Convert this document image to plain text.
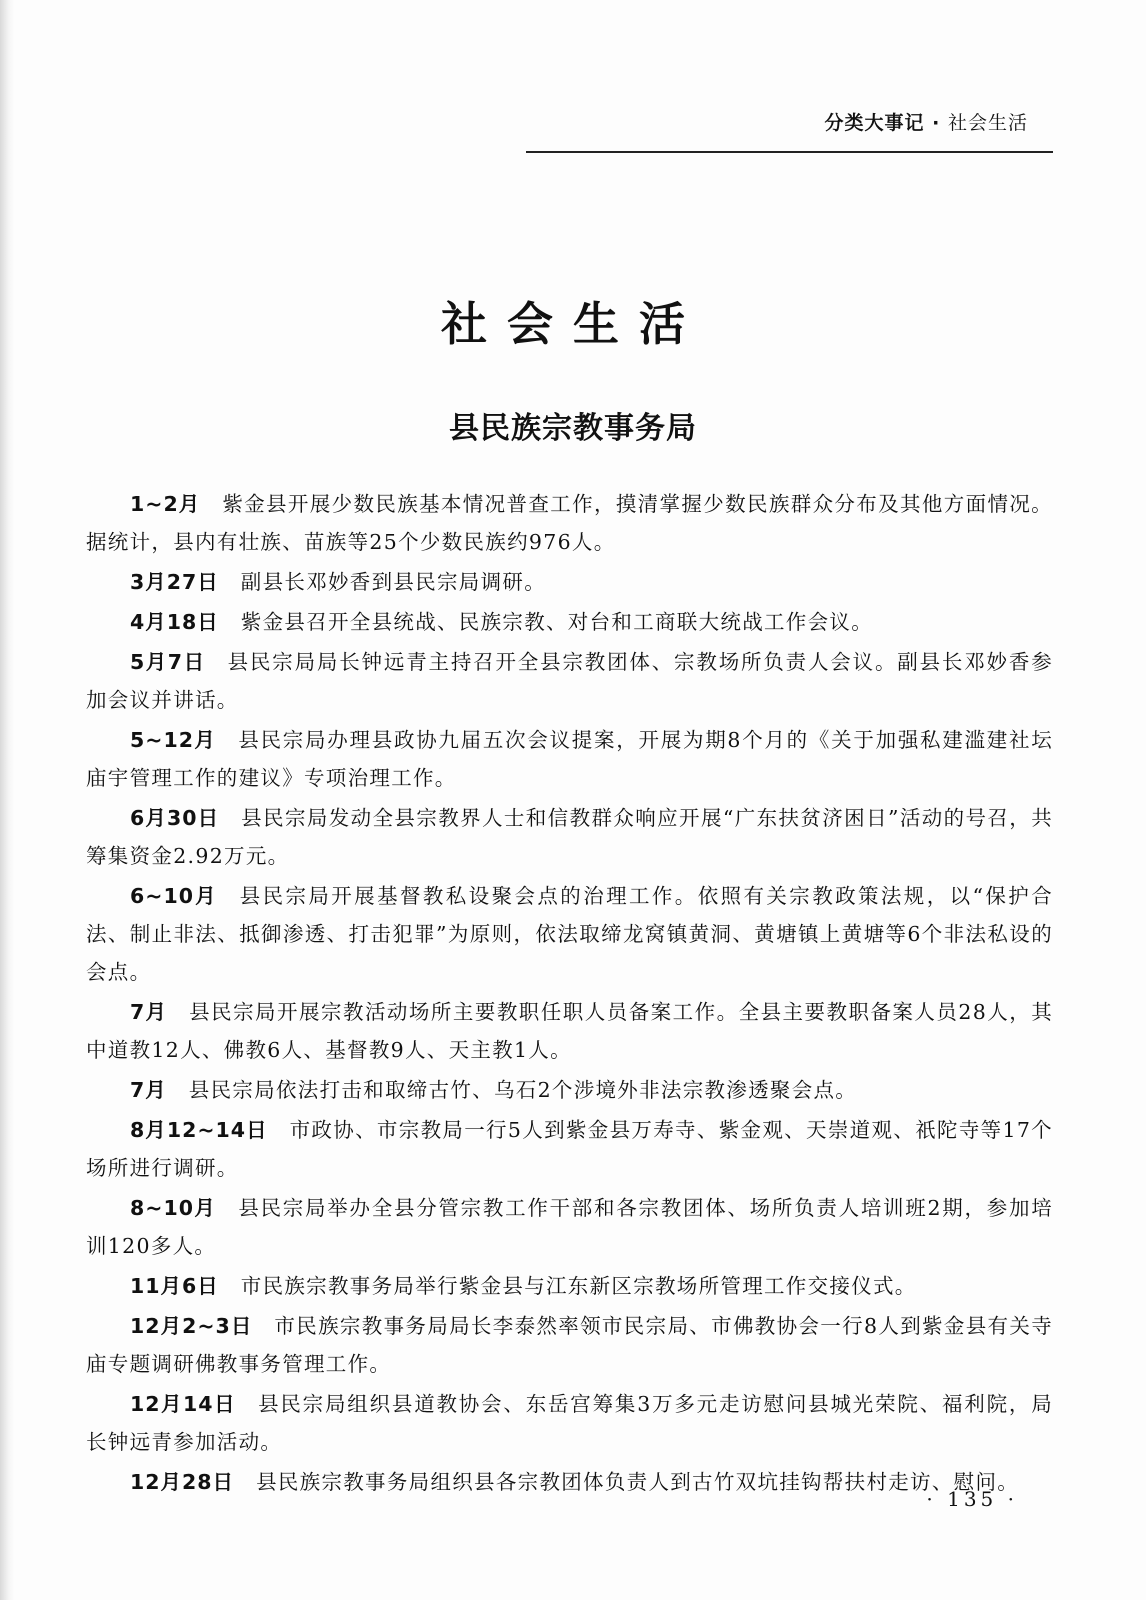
分类大事记 · 社会生活
社会生活
县民族宗教事务局

1~2月 紫金县开展少数民族基本情况普查工作，摸清掌握少数民族群众分布及其他方面情况。据统计，县内有壮族、苗族等25个少数民族约976人。

3月27日 副县长邓妙香到县民宗局调研。

4月18日 紫金县召开全县统战、民族宗教、对台和工商联大统战工作会议。

5月7日 县民宗局局长钟远青主持召开全县宗教团体、宗教场所负责人会议。副县长邓妙香参加会议并讲话。

5~12月 县民宗局办理县政协九届五次会议提案，开展为期8个月的《关于加强私建滥建社坛庙宇管理工作的建议》专项治理工作。

6月30日 县民宗局发动全县宗教界人士和信教群众响应开展“广东扶贫济困日”活动的号召，共筹集资金2.92万元。

6~10月 县民宗局开展基督教私设聚会点的治理工作。依照有关宗教政策法规，以“保护合法、制止非法、抵御渗透、打击犯罪”为原则，依法取缔龙窝镇黄洞、黄塘镇上黄塘等6个非法私设的会点。

7月 县民宗局开展宗教活动场所主要教职任职人员备案工作。全县主要教职备案人员28人，其中道教12人、佛教6人、基督教9人、天主教1人。

7月 县民宗局依法打击和取缔古竹、乌石2个涉境外非法宗教渗透聚会点。

8月12~14日 市政协、市宗教局一行5人到紫金县万寿寺、紫金观、天崇道观、祇陀寺等17个场所进行调研。

8~10月 县民宗局举办全县分管宗教工作干部和各宗教团体、场所负责人培训班2期，参加培训120多人。

11月6日 市民族宗教事务局举行紫金县与江东新区宗教场所管理工作交接仪式。

12月2~3日 市民族宗教事务局局长李泰然率领市民宗局、市佛教协会一行8人到紫金县有关寺庙专题调研佛教事务管理工作。

12月14日 县民宗局组织县道教协会、东岳宫筹集3万多元走访慰问县城光荣院、福利院，局长钟远青参加活动。

12月28日 县民族宗教事务局组织县各宗教团体负责人到古竹双坑挂钩帮扶村走访、慰问。

· 135 ·
